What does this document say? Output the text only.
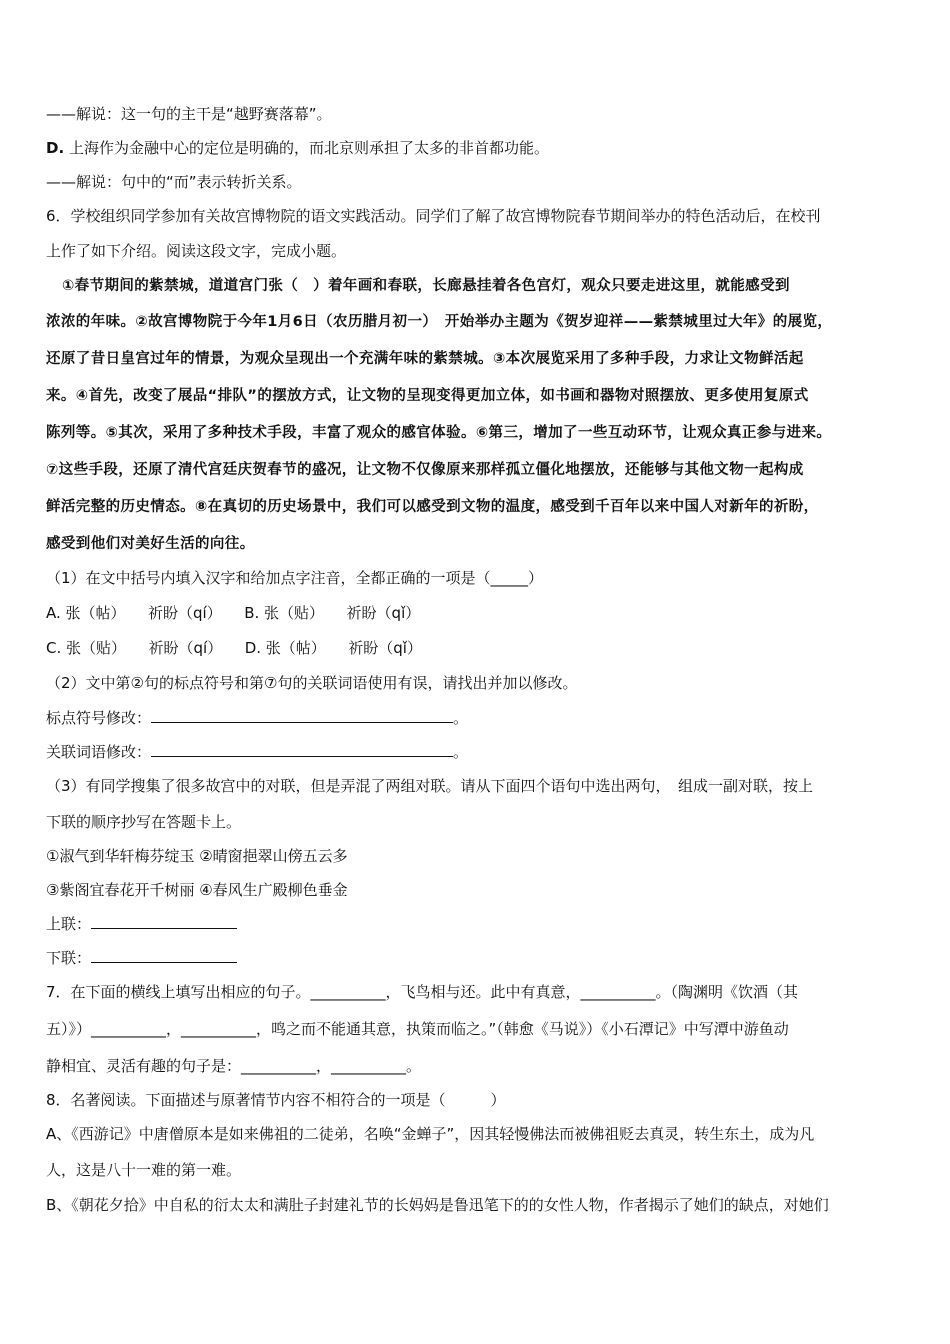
——解说：这一句的主干是“越野赛落幕”。
D. 上海作为金融中心的定位是明确的，而北京则承担了太多的非首都功能。
——解说：句中的“而”表示转折关系。
6．学校组织同学参加有关故宫博物院的语文实践活动。同学们了解了故宫博物院春节期间举办的特色活动后，在校刊
上作了如下介绍。阅读这段文字，完成小题。
①春节期间的紫禁城，道道宫门张（　）着年画和春联，长廊悬挂着各色宫灯，观众只要走进这里，就能感受到
浓浓的年味。②故宫博物院于今年1月6日（农历腊月初一）　开始举办主题为《贺岁迎祥——紫禁城里过大年》的展览，
还原了昔日皇宫过年的情景，为观众呈现出一个充满年味的紫禁城。③本次展览采用了多种手段，力求让文物鲜活起
来。④首先，改变了展品“排队”的摆放方式，让文物的呈现变得更加立体，如书画和器物对照摆放、更多使用复原式
陈列等。⑤其次，采用了多种技术手段，丰富了观众的感官体验。⑥第三，增加了一些互动环节，让观众真正参与进来。
⑦这些手段，还原了清代宫廷庆贺春节的盛况，让文物不仅像原来那样孤立僵化地摆放，还能够与其他文物一起构成
鲜活完整的历史情态。⑧在真切的历史场景中，我们可以感受到文物的温度，感受到千百年以来中国人对新年的祈盼，
感受到他们对美好生活的向往。
（1）在文中括号内填入汉字和给加点字注音，全都正确的一项是（_____）
A. 张（帖）　　祈盼（qí）　　B. 张（贴）　　祈盼（qǐ）
C. 张（贴）　　祈盼（qí）　　D. 张（帖）　　祈盼（qǐ）
（2）文中第②句的标点符号和第⑦句的关联词语使用有误，请找出并加以修改。
标点符号修改：	。
关联词语修改：	。
（3）有同学搜集了很多故宫中的对联，但是弄混了两组对联。请从下面四个语句中选出两句，　组成一副对联，按上
下联的顺序抄写在答题卡上。
①淑气到华轩梅芬绽玉 ②晴窗挹翠山傍五云多
③紫阁宜春花开千树丽 ④春风生广殿柳色垂金
上联：
下联：
7．在下面的横线上填写出相应的句子。__________，飞鸟相与还。此中有真意，__________。（陶渊明《饮酒（其
五）》）__________，__________，鸣之而不能通其意，执策而临之。”（韩愈《马说》）《小石潭记》中写潭中游鱼动
静相宜、灵活有趣的句子是：__________，__________。
8．名著阅读。下面描述与原著情节内容不相符合的一项是（　　　）
A、《西游记》中唐僧原本是如来佛祖的二徒弟，名唤“金蝉子”，因其轻慢佛法而被佛祖贬去真灵，转生东土，成为凡
人，这是八十一难的第一难。
B、《朝花夕拾》中自私的衍太太和满肚子封建礼节的长妈妈是鲁迅笔下的的女性人物，作者揭示了她们的缺点，对她们
